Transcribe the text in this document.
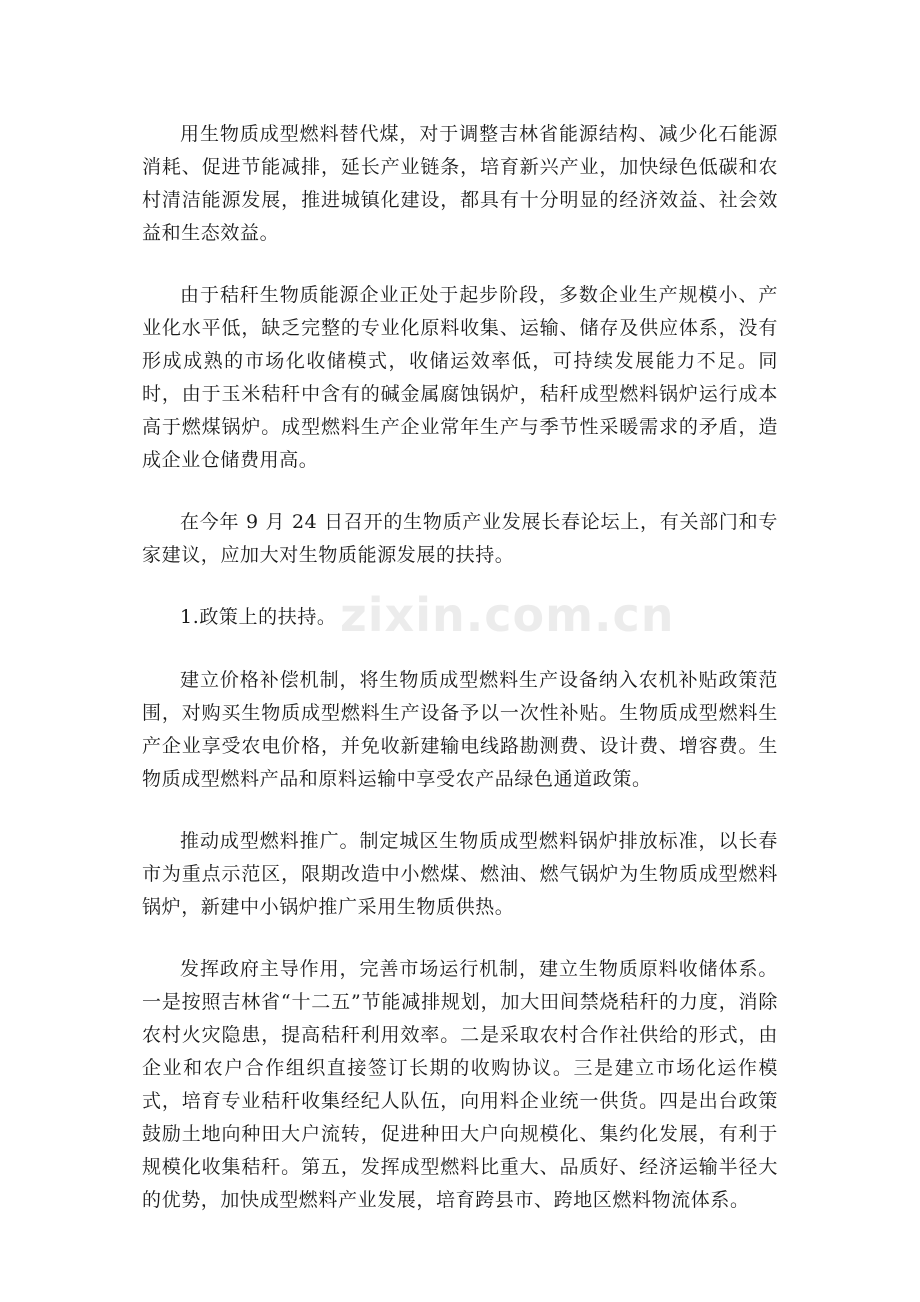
用生物质成型燃料替代煤，对于调整吉林省能源结构、减少化石能源消耗、促进节能减排，延长产业链条，培育新兴产业，加快绿色低碳和农村清洁能源发展，推进城镇化建设，都具有十分明显的经济效益、社会效益和生态效益。

由于秸秆生物质能源企业正处于起步阶段，多数企业生产规模小、产业化水平低，缺乏完整的专业化原料收集、运输、储存及供应体系，没有形成成熟的市场化收储模式，收储运效率低，可持续发展能力不足。同时，由于玉米秸秆中含有的碱金属腐蚀锅炉，秸秆成型燃料锅炉运行成本高于燃煤锅炉。成型燃料生产企业常年生产与季节性采暖需求的矛盾，造成企业仓储费用高。

在今年 9 月 24 日召开的生物质产业发展长春论坛上，有关部门和专家建议，应加大对生物质能源发展的扶持。

1.政策上的扶持。

建立价格补偿机制，将生物质成型燃料生产设备纳入农机补贴政策范围，对购买生物质成型燃料生产设备予以一次性补贴。生物质成型燃料生产企业享受农电价格，并免收新建输电线路勘测费、设计费、增容费。生物质成型燃料产品和原料运输中享受农产品绿色通道政策。

推动成型燃料推广。制定城区生物质成型燃料锅炉排放标准，以长春市为重点示范区，限期改造中小燃煤、燃油、燃气锅炉为生物质成型燃料锅炉，新建中小锅炉推广采用生物质供热。

发挥政府主导作用，完善市场运行机制，建立生物质原料收储体系。一是按照吉林省“十二五”节能减排规划，加大田间禁烧秸秆的力度，消除农村火灾隐患，提高秸秆利用效率。二是采取农村合作社供给的形式，由企业和农户合作组织直接签订长期的收购协议。三是建立市场化运作模式，培育专业秸秆收集经纪人队伍，向用料企业统一供货。四是出台政策鼓励土地向种田大户流转，促进种田大户向规模化、集约化发展，有利于规模化收集秸秆。第五，发挥成型燃料比重大、品质好、经济运输半径大的优势，加快成型燃料产业发展，培育跨县市、跨地区燃料物流体系。

zixin.com.cn
